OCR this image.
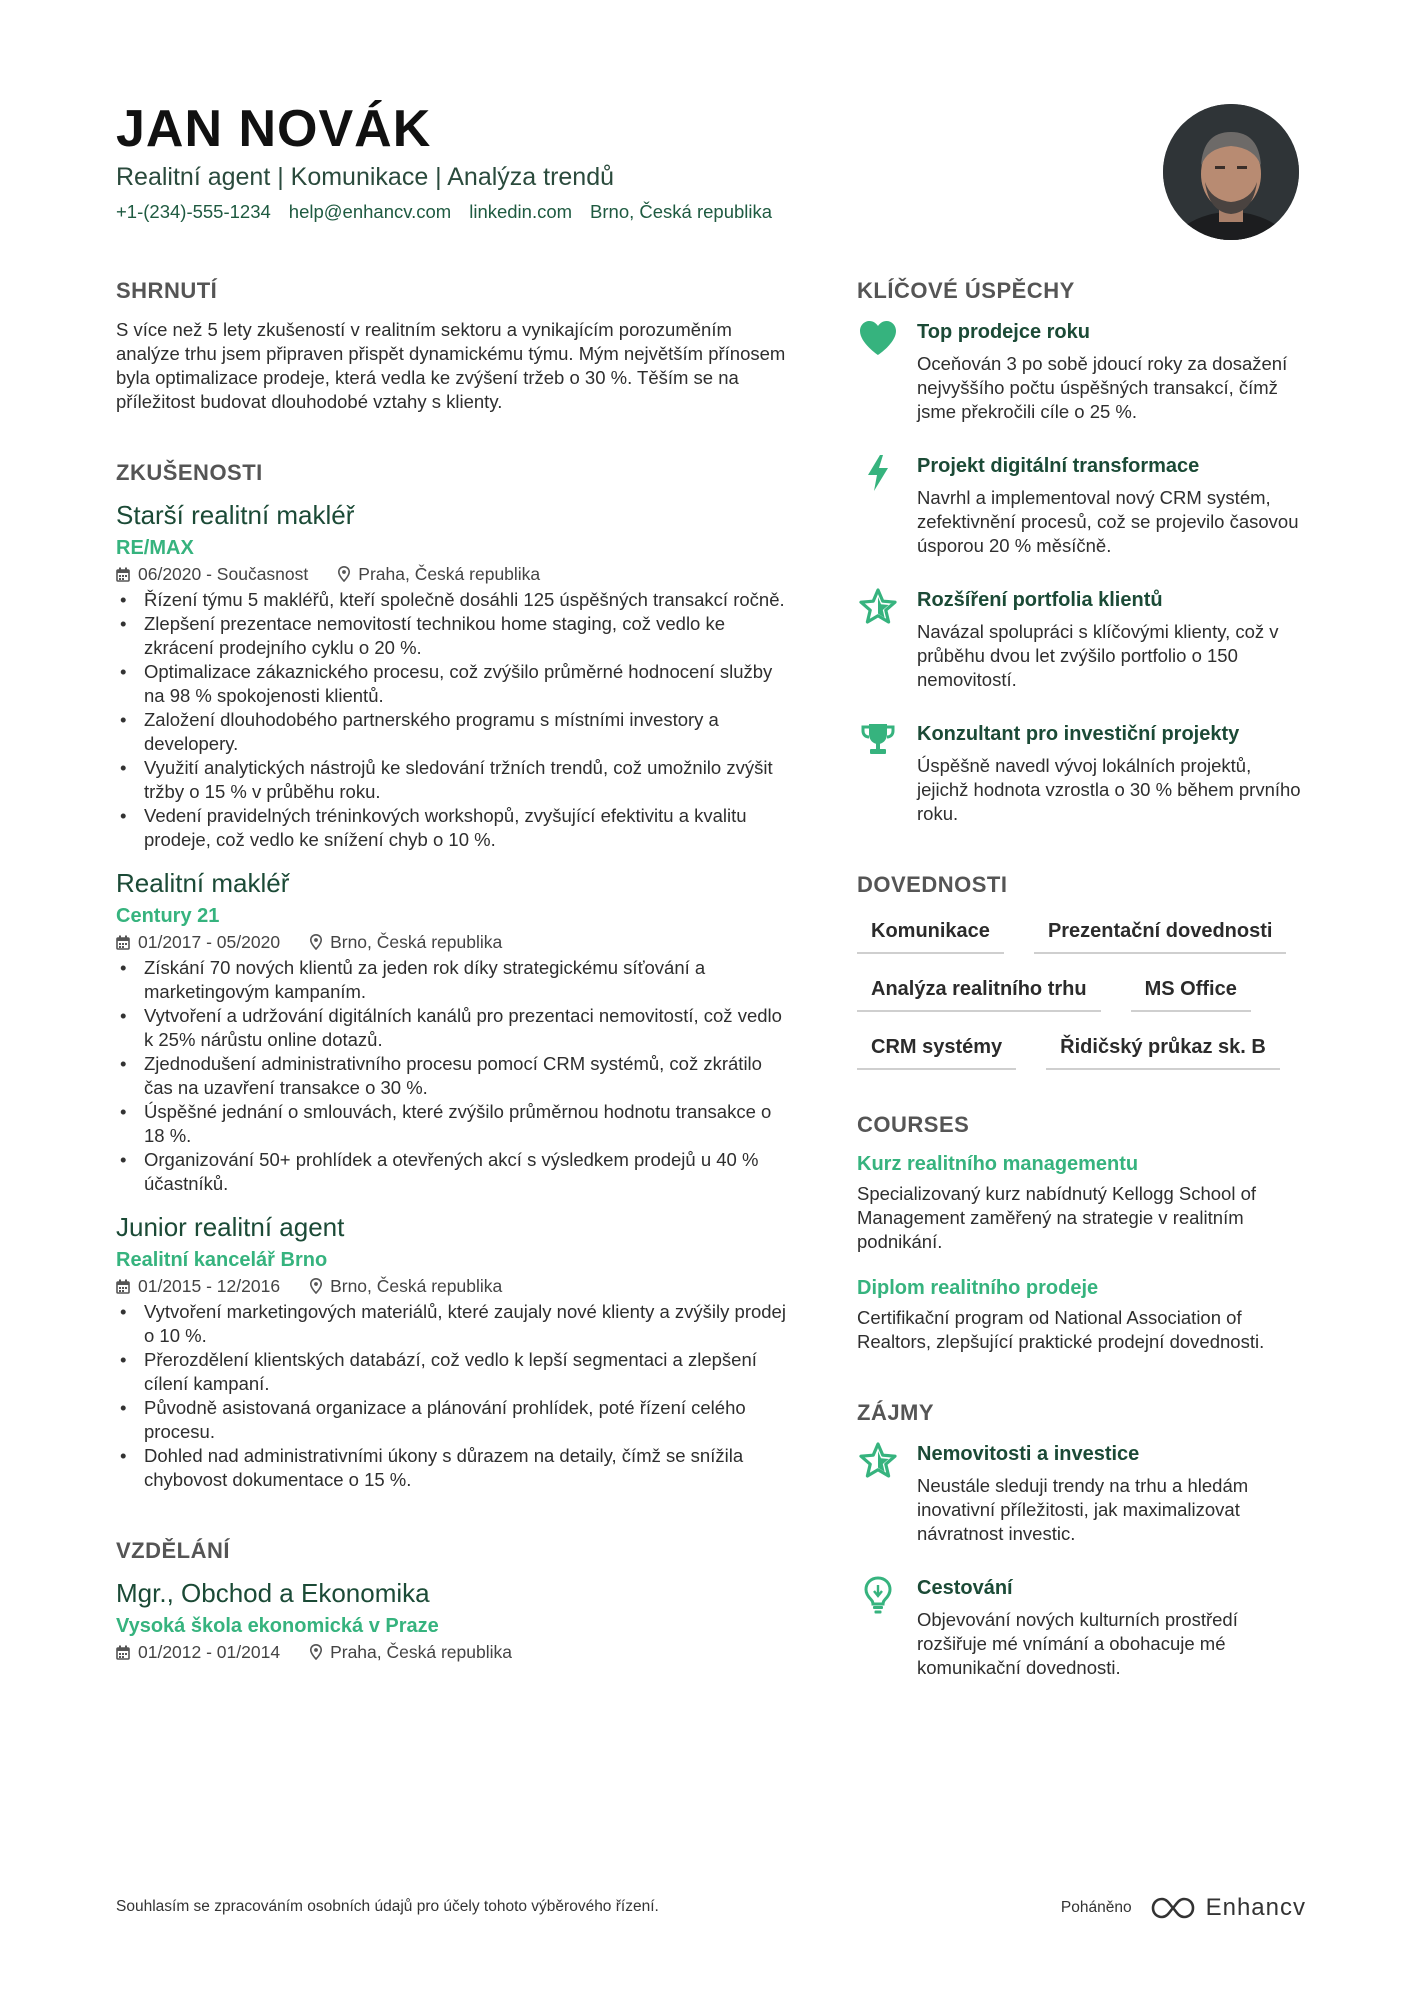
JAN NOVÁK
Realitní agent | Komunikace | Analýza trendů
+1-(234)-555-1234 help@enhancv.com linkedin.com Brno, Česká republika
SHRNUTÍ
S více než 5 lety zkušeností v realitním sektoru a vynikajícím porozuměním analýze trhu jsem připraven přispět dynamickému týmu. Mým největším přínosem byla optimalizace prodeje, která vedla ke zvýšení tržeb o 30 %. Těším se na příležitost budovat dlouhodobé vztahy s klienty.
ZKUŠENOSTI
Starší realitní makléř
RE/MAX
06/2020 - Současnost	Praha, Česká republika
• Řízení týmu 5 makléřů, kteří společně dosáhli 125 úspěšných transakcí ročně.
• Zlepšení prezentace nemovitostí technikou home staging, což vedlo ke zkrácení prodejního cyklu o 20 %.
• Optimalizace zákaznického procesu, což zvýšilo průměrné hodnocení služby na 98 % spokojenosti klientů.
• Založení dlouhodobého partnerského programu s místními investory a developery.
• Využití analytických nástrojů ke sledování tržních trendů, což umožnilo zvýšit tržby o 15 % v průběhu roku.
• Vedení pravidelných tréninkových workshopů, zvyšující efektivitu a kvalitu prodeje, což vedlo ke snížení chyb o 10 %.
Realitní makléř
Century 21
01/2017 - 05/2020	Brno, Česká republika
• Získání 70 nových klientů za jeden rok díky strategickému síťování a marketingovým kampaním.
• Vytvoření a udržování digitálních kanálů pro prezentaci nemovitostí, což vedlo k 25% nárůstu online dotazů.
• Zjednodušení administrativního procesu pomocí CRM systémů, což zkrátilo čas na uzavření transakce o 30 %.
• Úspěšné jednání o smlouvách, které zvýšilo průměrnou hodnotu transakce o 18 %.
• Organizování 50+ prohlídek a otevřených akcí s výsledkem prodejů u 40 % účastníků.
Junior realitní agent
Realitní kancelář Brno
01/2015 - 12/2016	Brno, Česká republika
• Vytvoření marketingových materiálů, které zaujaly nové klienty a zvýšily prodej o 10 %.
• Přerozdělení klientských databází, což vedlo k lepší segmentaci a zlepšení cílení kampaní.
• Původně asistovaná organizace a plánování prohlídek, poté řízení celého procesu.
• Dohled nad administrativními úkony s důrazem na detaily, čímž se snížila chybovost dokumentace o 15 %.
VZDĚLÁNÍ
Mgr., Obchod a Ekonomika
Vysoká škola ekonomická v Praze
01/2012 - 01/2014	Praha, Česká republika
KLÍČOVÉ ÚSPĚCHY
Top prodejce roku
Oceňován 3 po sobě jdoucí roky za dosažení nejvyššího počtu úspěšných transakcí, čímž jsme překročili cíle o 25 %.
Projekt digitální transformace
Navrhl a implementoval nový CRM systém, zefektivnění procesů, což se projevilo časovou úsporou 20 % měsíčně.
Rozšíření portfolia klientů
Navázal spolupráci s klíčovými klienty, což v průběhu dvou let zvýšilo portfolio o 150 nemovitostí.
Konzultant pro investiční projekty
Úspěšně navedl vývoj lokálních projektů, jejichž hodnota vzrostla o 30 % během prvního roku.
DOVEDNOSTI
Komunikace	Prezentační dovednosti
Analýza realitního trhu	MS Office
CRM systémy	Řidičský průkaz sk. B
COURSES
Kurz realitního managementu
Specializovaný kurz nabídnutý Kellogg School of Management zaměřený na strategie v realitním podnikání.
Diplom realitního prodeje
Certifikační program od National Association of Realtors, zlepšující praktické prodejní dovednosti.
ZÁJMY
Nemovitosti a investice
Neustále sleduji trendy na trhu a hledám inovativní příležitosti, jak maximalizovat návratnost investic.
Cestování
Objevování nových kulturních prostředí rozšiřuje mé vnímání a obohacuje mé komunikační dovednosti.
Souhlasím se zpracováním osobních údajů pro účely tohoto výběrového řízení.	Poháněno	Enhancv
